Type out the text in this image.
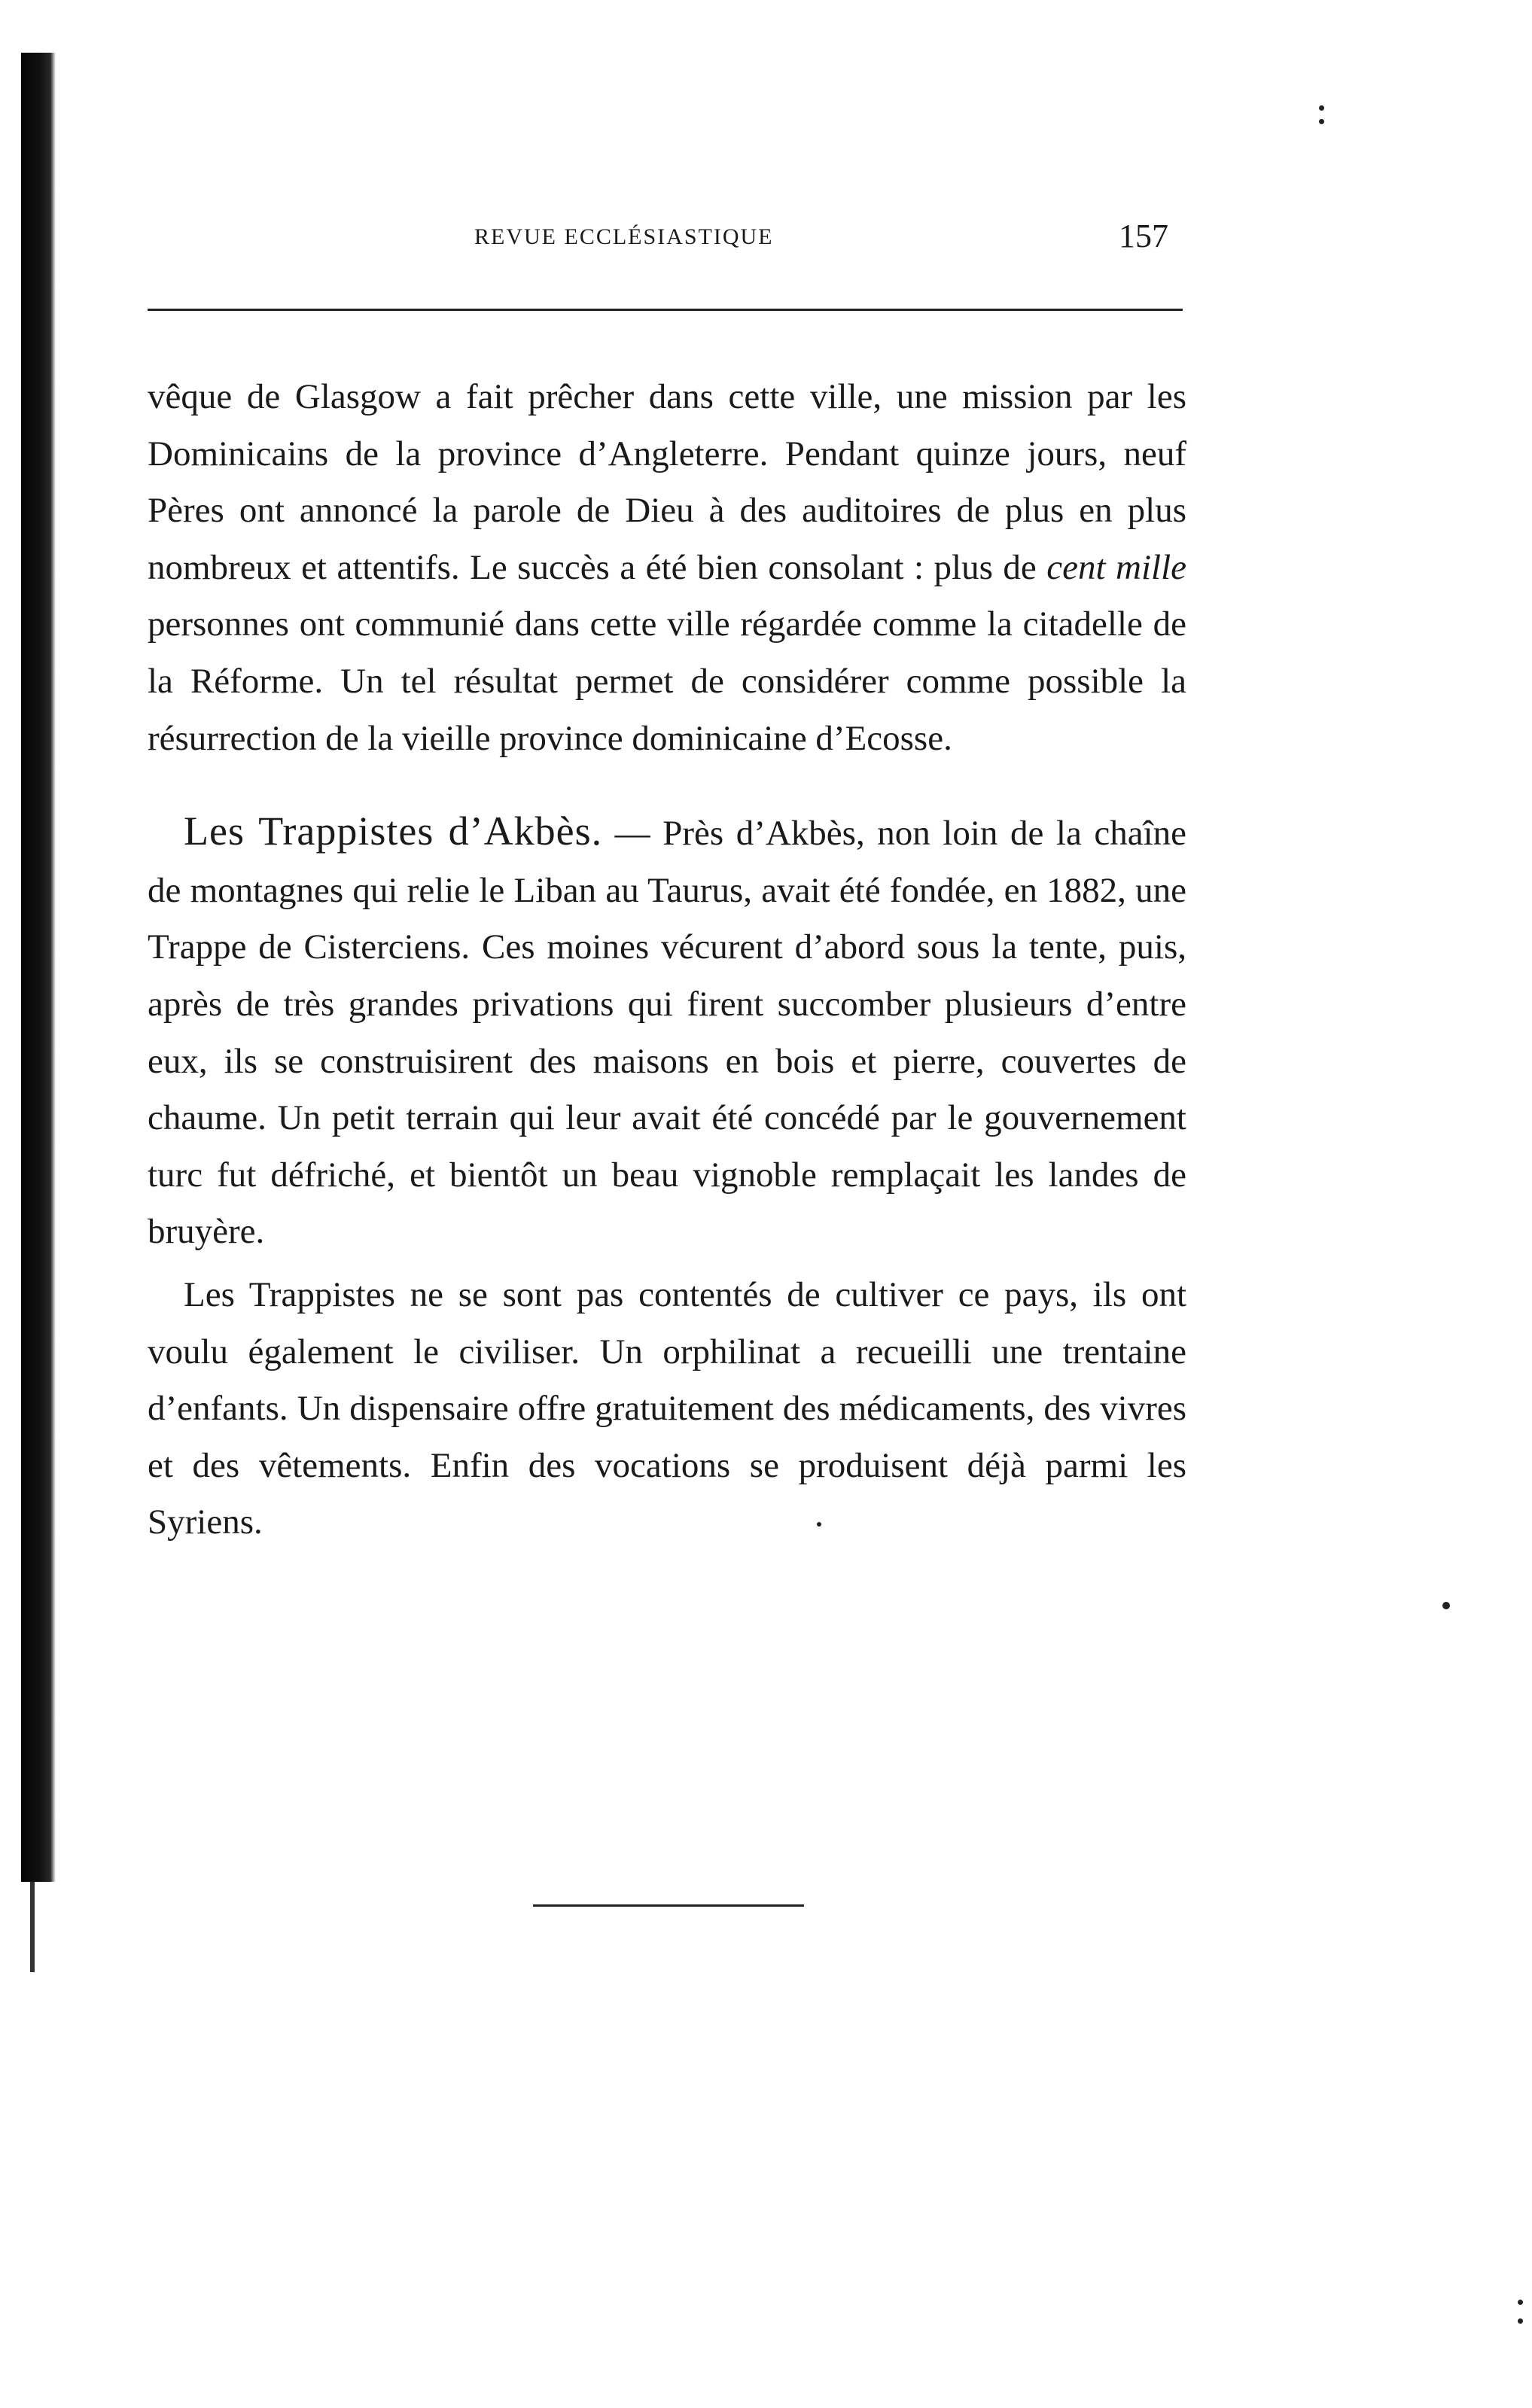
REVUE ECCLÉSIASTIQUE	157

vêque de Glasgow a fait prêcher dans cette ville, une mission par les Dominicains de la province d’Angleterre. Pendant quinze jours, neuf Pères ont annoncé la parole de Dieu à des auditoires de plus en plus nombreux et attentifs. Le succès a été bien consolant : plus de cent mille personnes ont communié dans cette ville régardée comme la citadelle de la Réforme. Un tel résultat permet de considérer comme possible la résurrection de la vieille province dominicaine d’Ecosse.

Les Trappistes d’Akbès. — Près d’Akbès, non loin de la chaîne de montagnes qui relie le Liban au Taurus, avait été fondée, en 1882, une Trappe de Cisterciens. Ces moines vécurent d’abord sous la tente, puis, après de très grandes privations qui firent succomber plusieurs d’entre eux, ils se construisirent des maisons en bois et pierre, couvertes de chaume. Un petit terrain qui leur avait été concédé par le gouvernement turc fut défriché, et bientôt un beau vignoble remplaçait les landes de bruyère.

Les Trappistes ne se sont pas contentés de cultiver ce pays, ils ont voulu également le civiliser. Un orphilinat a recueilli une trentaine d’enfants. Un dispensaire offre gratuitement des médicaments, des vivres et des vêtements. Enfin des vocations se produisent déjà parmi les Syriens.
